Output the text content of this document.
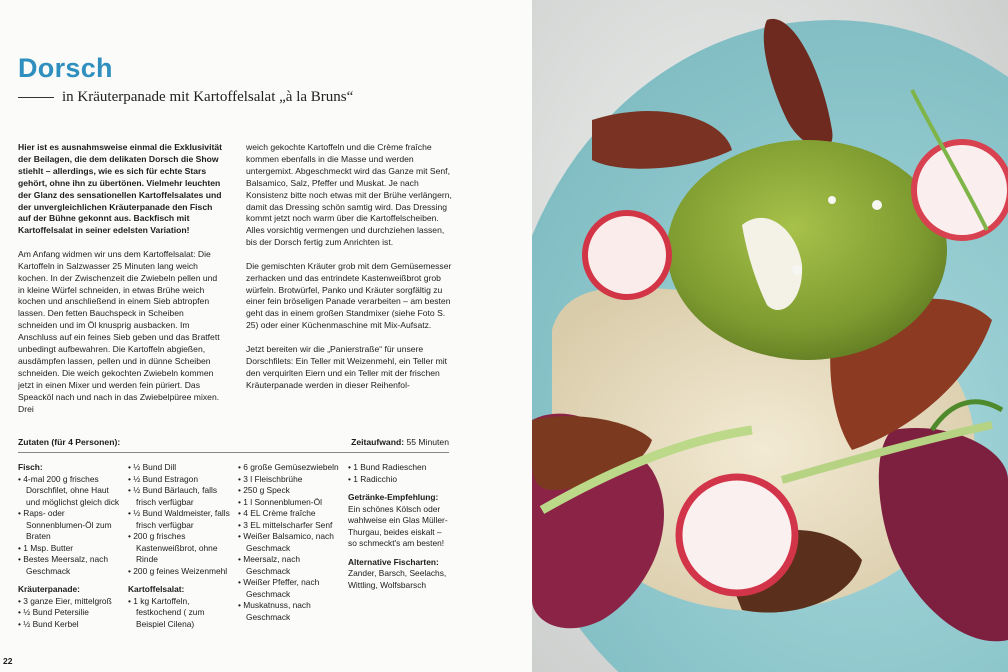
Dorsch
in Kräuterpanade mit Kartoffelsalat „à la Bruns“

Hier ist es ausnahmsweise einmal die Exklusivität der Beilagen, die dem delikaten Dorsch die Show stiehlt – allerdings, wie es sich für echte Stars gehört, ohne ihn zu übertönen. Vielmehr leuchten der Glanz des sensationellen Kartoffelsalates und der unvergleichlichen Kräuterpanade den Fisch auf der Bühne gekonnt aus. Backfisch mit Kartoffelsalat in seiner edelsten Variation!

Am Anfang widmen wir uns dem Kartoffelsalat: Die Kartoffeln in Salzwasser 25 Minuten lang weich kochen. In der Zwischenzeit die Zwiebeln pellen und in kleine Würfel schneiden, in etwas Brühe weich kochen und anschließend in einem Sieb abtropfen lassen. Den fetten Bauchspeck in Scheiben schneiden und im Öl knusprig ausbacken. Im Anschluss auf ein feines Sieb geben und das Bratfett unbedingt aufbewahren. Die Kartoffeln abgießen, ausdämpfen lassen, pellen und in dünne Scheiben schneiden. Die weich gekochten Zwiebeln kommen jetzt in einen Mixer und werden fein püriert. Das Speacköl nach und nach in das Zwiebelpüree mixen. Drei

weich gekochte Kartoffeln und die Crème fraîche kommen ebenfalls in die Masse und werden untergemixt. Abgeschmeckt wird das Ganze mit Senf, Balsamico, Salz, Pfeffer und Muskat. Je nach Konsistenz bitte noch etwas mit der Brühe verlängern, damit das Dressing schön samtig wird. Das Dressing kommt jetzt noch warm über die Kartoffelscheiben. Alles vorsichtig vermengen und durchziehen lassen, bis der Dorsch fertig zum Anrichten ist.

Die gemischten Kräuter grob mit dem Gemüsemesser zerhacken und das entrindete Kastenweißbrot grob würfeln. Brotwürfel, Panko und Kräuter sorgfältig zu einer fein bröseligen Panade verarbeiten – am besten geht das in einem großen Standmixer (siehe Foto S. 25) oder einer Küchenmaschine mit Mix-Aufsatz.

Jetzt bereiten wir die „Panierstraße“ für unsere Dorschfilets: Ein Teller mit Weizenmehl, ein Teller mit den verquirlten Eiern und ein Teller mit der frischen Kräuterpanade werden in dieser Reihenfol-

Zutaten (für 4 Personen):	Zeitaufwand: 55 Minuten
Fisch:
• 4-mal 200 g frisches Dorschfilet, ohne Haut und möglichst gleich dick
• Raps- oder Sonnenblumen-Öl zum Braten
• 1 Msp. Butter
• Bestes Meersalz, nach Geschmack
Kräuterpanade:
• 3 ganze Eier, mittelgroß
• ½ Bund Petersilie
• ½ Bund Kerbel
• ½ Bund Dill
• ½ Bund Estragon
• ½ Bund Bärlauch, falls frisch verfügbar
• ½ Bund Waldmeister, falls frisch verfügbar
• 200 g frisches Kastenweißbrot, ohne Rinde
• 200 g feines Weizenmehl
Kartoffelsalat:
• 1 kg Kartoffeln, festkochend ( zum Beispiel Cilena)
• 6 große Gemüsezwiebeln
• 3 l Fleischbrühe
• 250 g Speck
• 1 l Sonnenblumen-Öl
• 4 EL Crème fraîche
• 3 EL mittelscharfer Senf
• Weißer Balsamico, nach Geschmack
• Meersalz, nach Geschmack
• Weißer Pfeffer, nach Geschmack
• Muskatnuss, nach Geschmack
• 1 Bund Radieschen
• 1 Radicchio
Getränke-Empfehlung:
Ein schönes Kölsch oder wahlweise ein Glas Müller-Thurgau, beides eiskalt – so schmeckt's am besten!
Alternative Fischarten:
Zander, Barsch, Seelachs, Wittling, Wolfsbarsch
22
